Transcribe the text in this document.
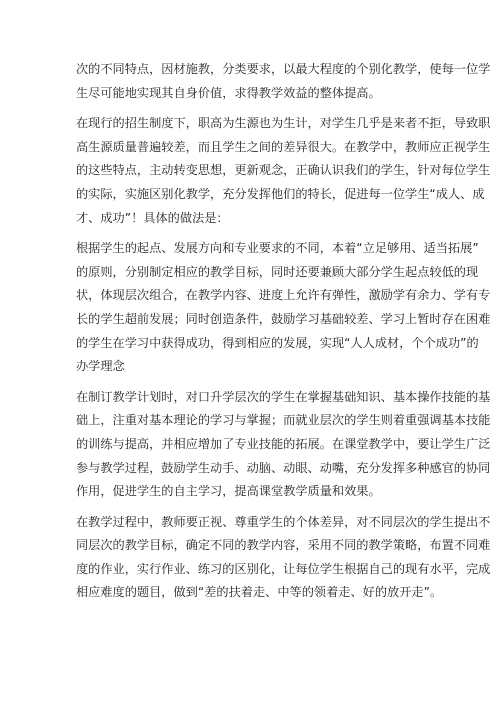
次的不同特点，因材施教，分类要求，以最大程度的个别化教学，使每一位学
生尽可能地实现其自身价值，求得教学效益的整体提高。

在现行的招生制度下，职高为生源也为生计，对学生几乎是来者不拒，导致职
高生源质量普遍较差，而且学生之间的差异很大。在教学中，教师应正视学生
的这些特点，主动转变思想，更新观念，正确认识我们的学生，针对每位学生
的实际，实施区别化教学，充分发挥他们的特长，促进每一位学生“成人、成
才、成功”！具体的做法是：

根据学生的起点、发展方向和专业要求的不同，本着“立足够用、适当拓展”
的原则，分别制定相应的教学目标，同时还要兼顾大部分学生起点较低的现
状，体现层次组合，在教学内容、进度上允许有弹性，激励学有余力、学有专
长的学生超前发展；同时创造条件，鼓励学习基础较差、学习上暂时存在困难
的学生在学习中获得成功，得到相应的发展，实现“人人成材，个个成功”的
办学理念

在制订教学计划时，对口升学层次的学生在掌握基础知识、基本操作技能的基
础上，注重对基本理论的学习与掌握；而就业层次的学生则着重强调基本技能
的训练与提高，并相应增加了专业技能的拓展。在课堂教学中，要让学生广泛
参与教学过程，鼓励学生动手、动脑、动眼、动嘴，充分发挥多种感官的协同
作用，促进学生的自主学习，提高课堂教学质量和效果。

在教学过程中，教师要正视、尊重学生的个体差异，对不同层次的学生提出不
同层次的教学目标，确定不同的教学内容，采用不同的教学策略，布置不同难
度的作业，实行作业、练习的区别化，让每位学生根据自己的现有水平，完成
相应难度的题目，做到“差的扶着走、中等的领着走、好的放开走”。
